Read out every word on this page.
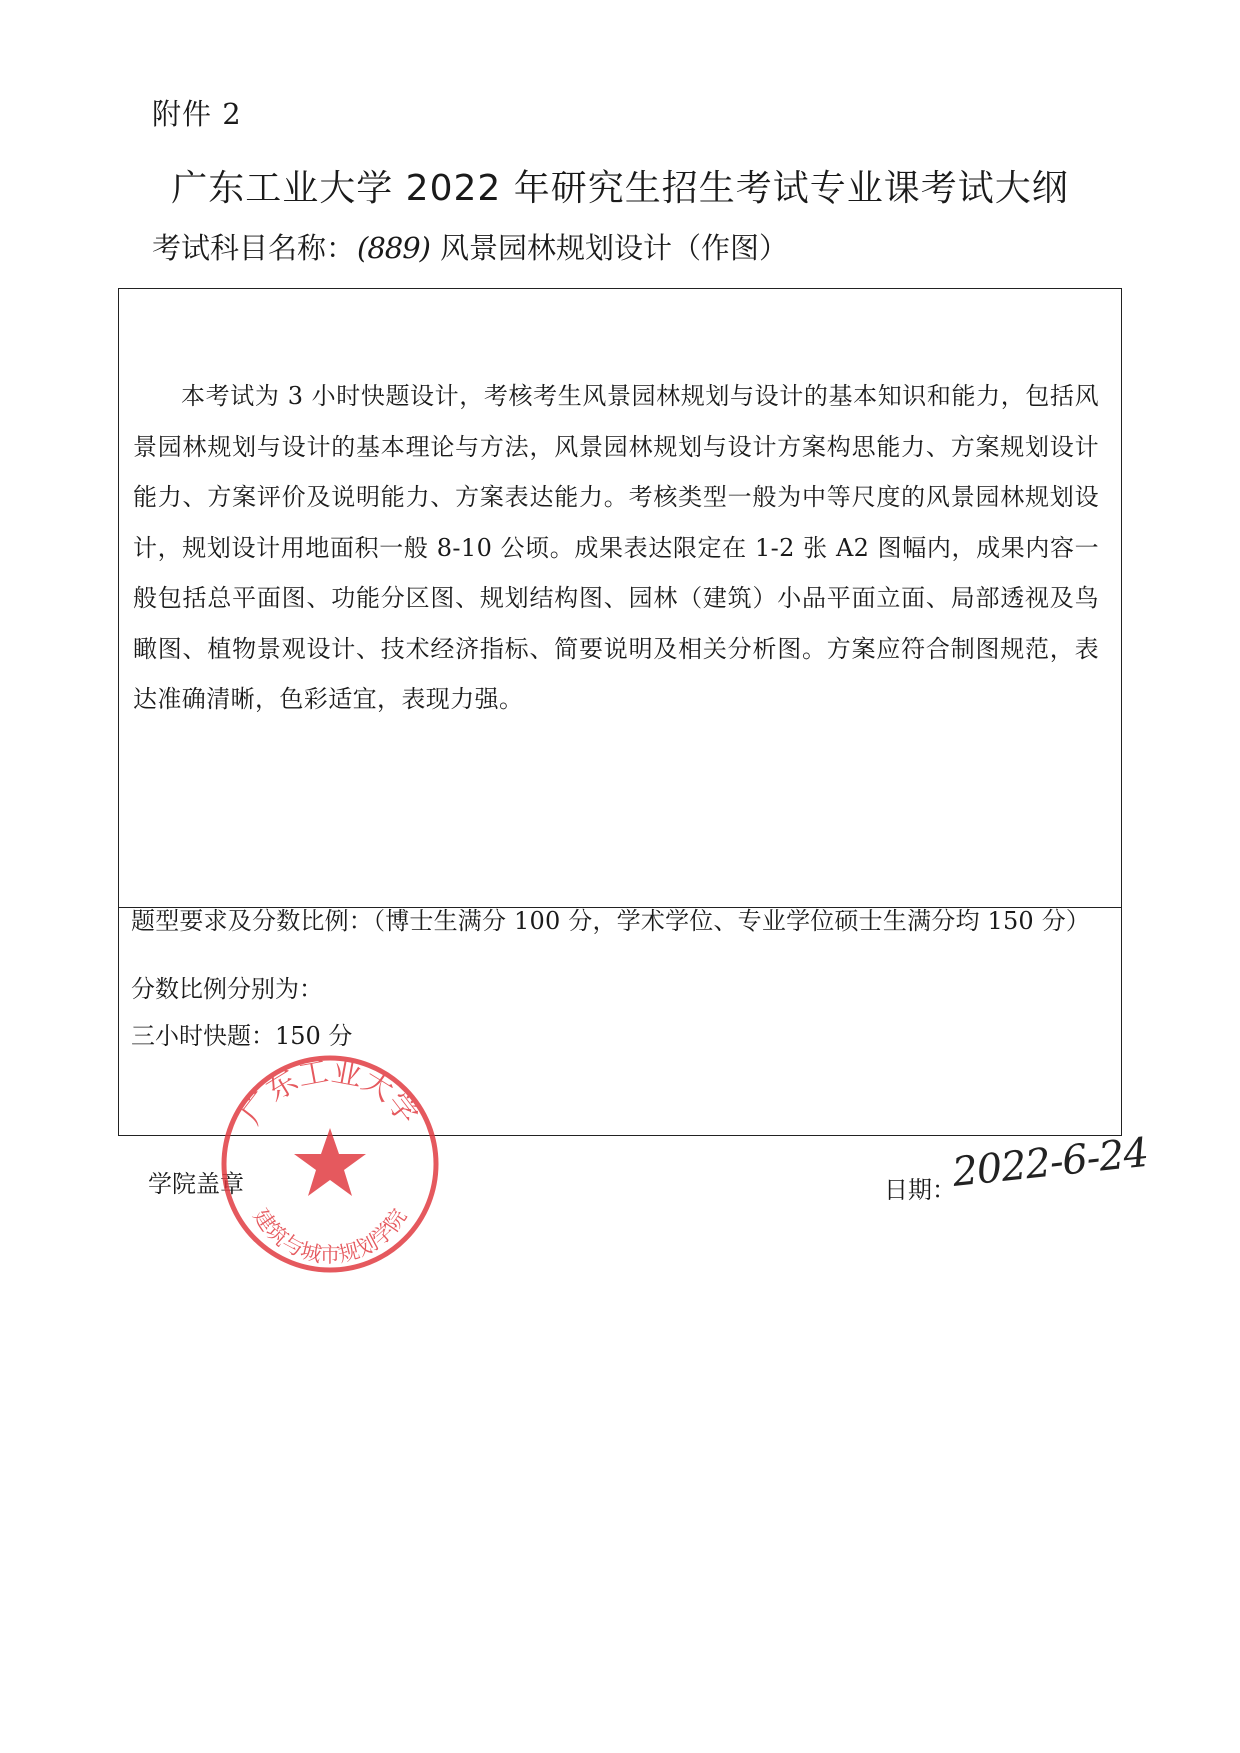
附件 2
广东工业大学 2022 年研究生招生考试专业课考试大纲
考试科目名称：(889) 风景园林规划设计（作图）

本考试为 3 小时快题设计，考核考生风景园林规划与设计的基本知识和能力，包括风景园林规划与设计的基本理论与方法，风景园林规划与设计方案构思能力、方案规划设计能力、方案评价及说明能力、方案表达能力。考核类型一般为中等尺度的风景园林规划设计，规划设计用地面积一般 8-10 公顷。成果表达限定在 1-2 张 A2 图幅内，成果内容一般包括总平面图、功能分区图、规划结构图、园林（建筑）小品平面立面、局部透视及鸟瞰图、植物景观设计、技术经济指标、简要说明及相关分析图。方案应符合制图规范，表达准确清晰，色彩适宜，表现力强。

题型要求及分数比例：（博士生满分 100 分，学术学位、专业学位硕士生满分均 150 分）
分数比例分别为：
三小时快题：150 分
学院盖章	日期：
2022-6-24
广东工业大学
建筑与城市规划学院
